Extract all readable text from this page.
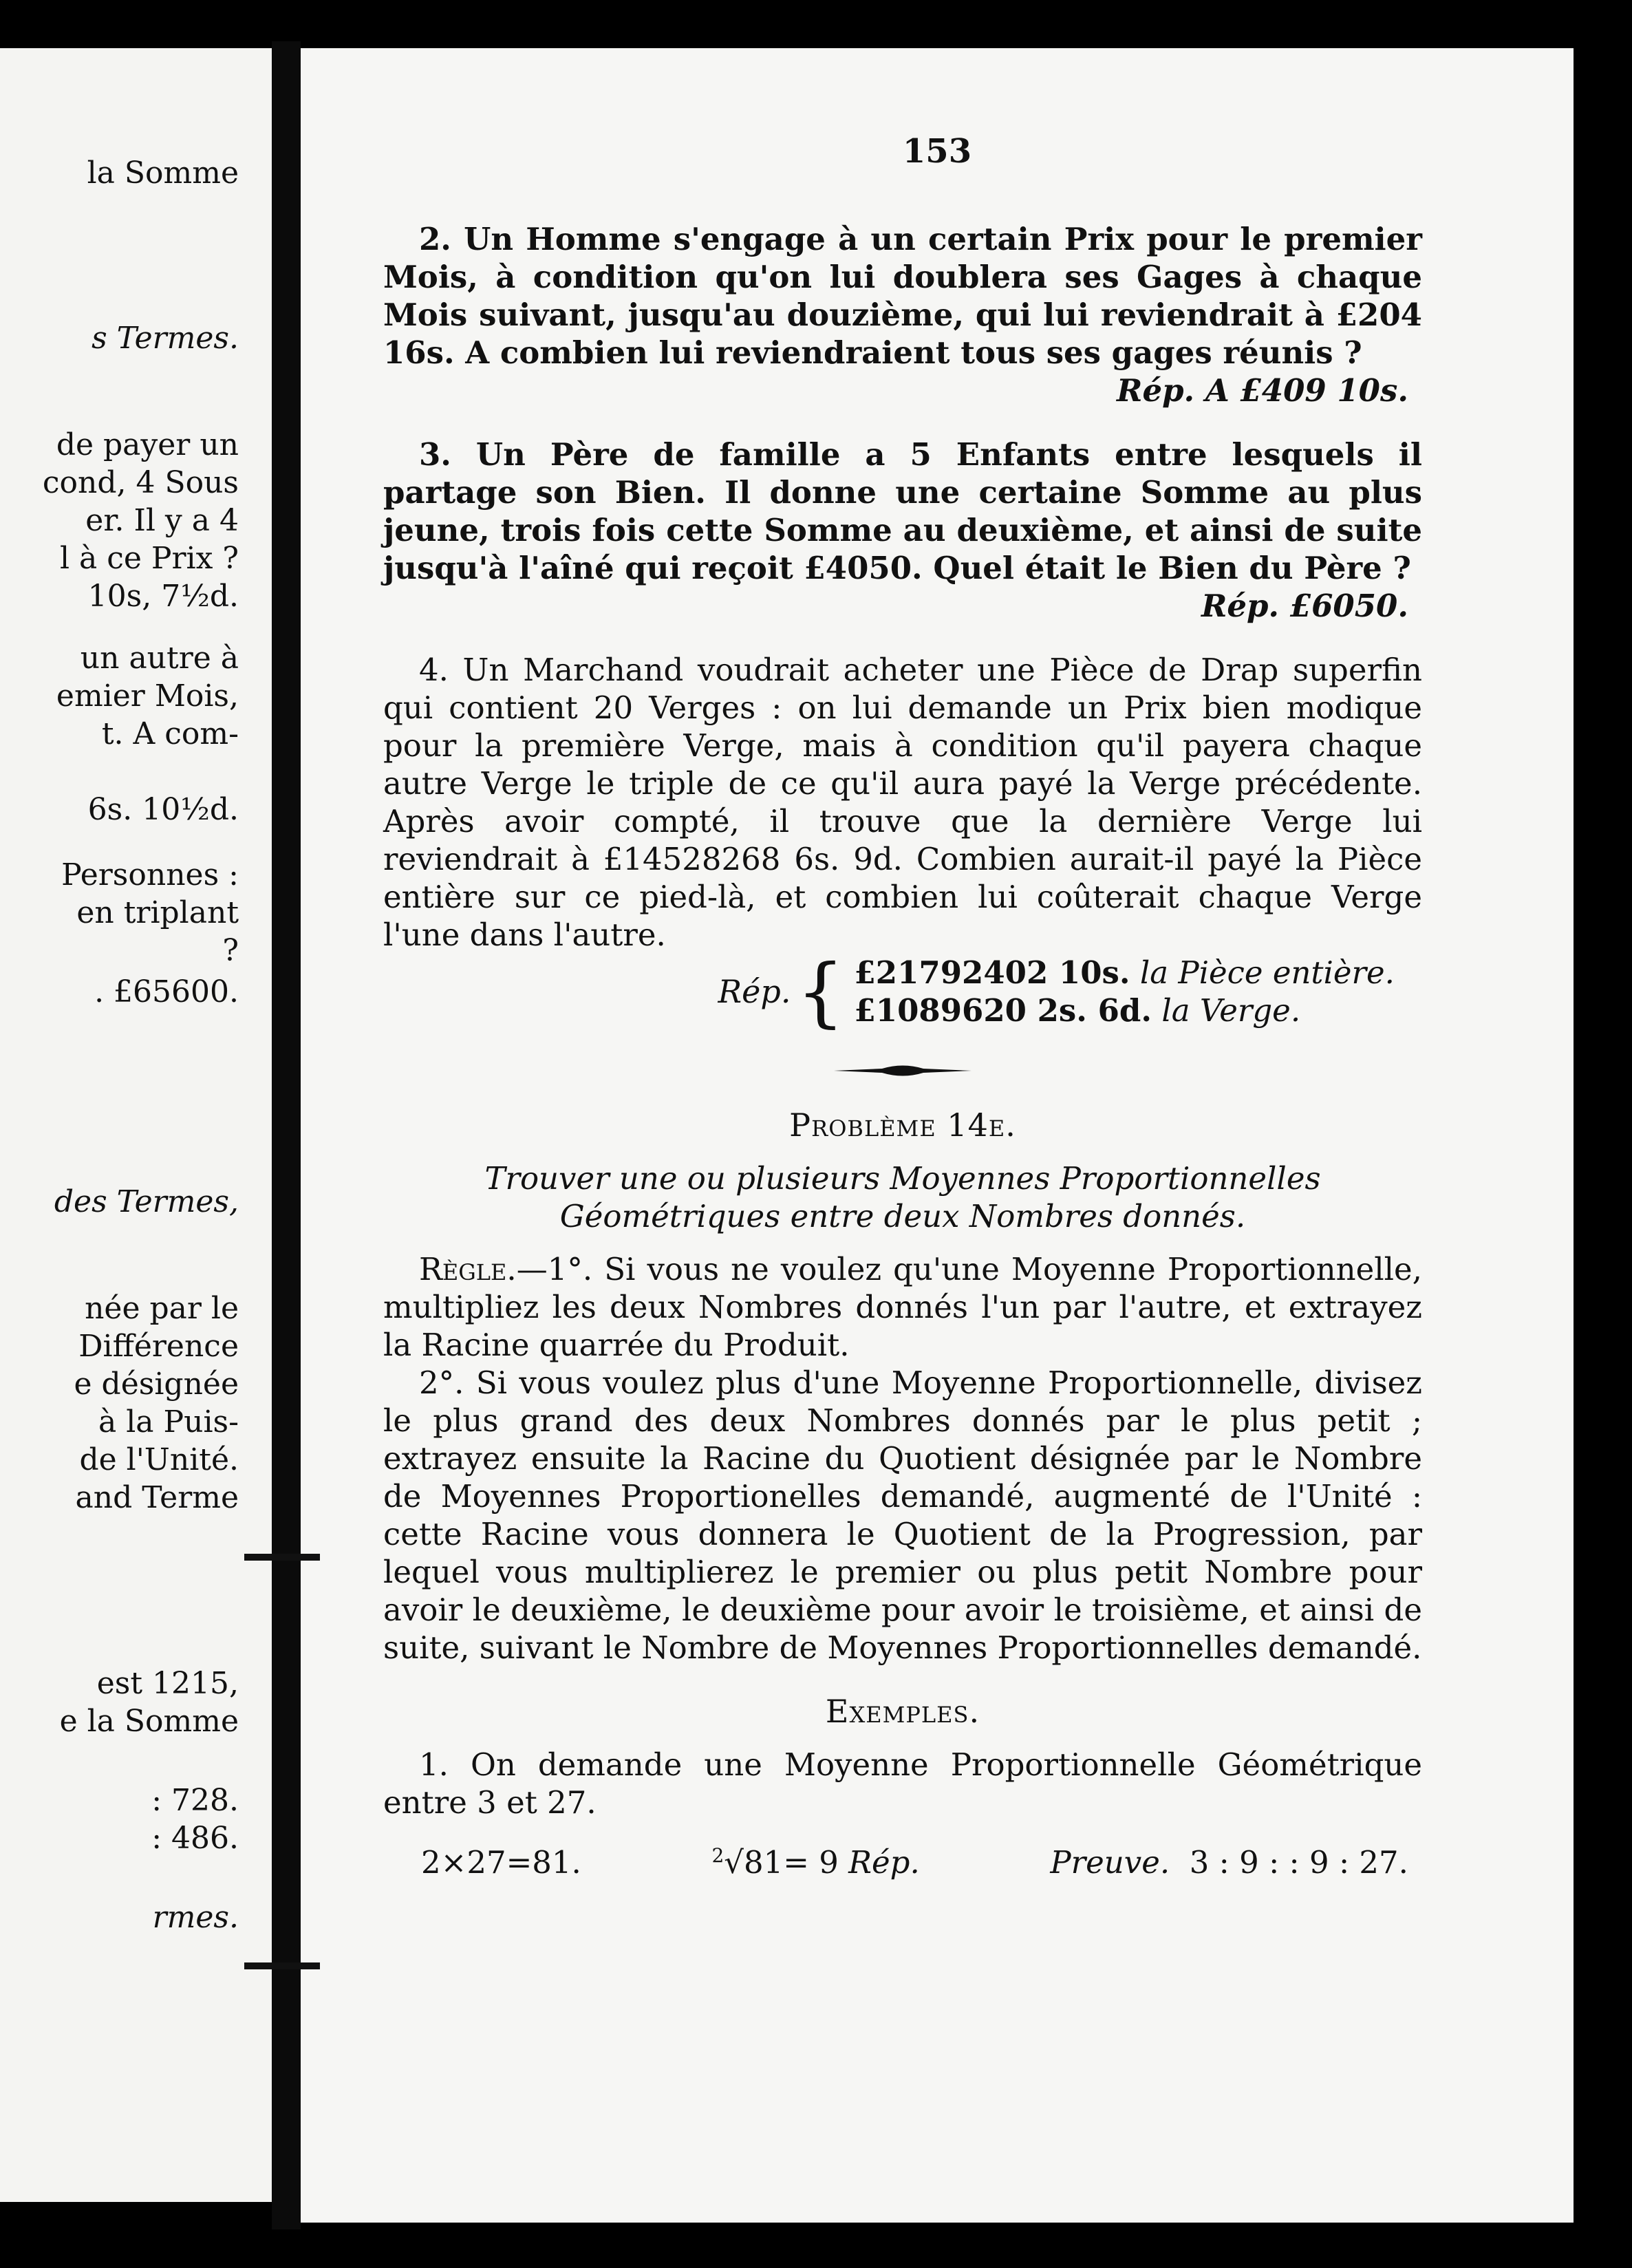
la Somme
s Termes.
de payer un
cond, 4 Sous
er. Il y a 4
l à ce Prix ?
10s, 7½d.
un autre à
emier Mois,
t. A com-
6s. 10½d.
Personnes :
en triplant
?
. £65600.
des Termes,
née par le
Différence
e désignée
à la Puis-
de l'Unité.
and Terme
est 1215,
e la Somme
: 728.
: 486.
rmes.
153

2. Un Homme s'engage à un certain Prix pour le premier Mois, à condition qu'on lui doublera ses Gages à chaque Mois suivant, jusqu'au douzième, qui lui reviendrait à £204 16s. A combien lui reviendraient tous ses gages réunis ?

Rép. A £409 10s.

3. Un Père de famille a 5 Enfants entre lesquels il partage son Bien. Il donne une certaine Somme au plus jeune, trois fois cette Somme au deuxième, et ainsi de suite jusqu'à l'aîné qui reçoit £4050. Quel était le Bien du Père ?

Rép. £6050.

4. Un Marchand voudrait acheter une Pièce de Drap superfin qui contient 20 Verges : on lui demande un Prix bien modique pour la première Verge, mais à condition qu'il payera chaque autre Verge le triple de ce qu'il aura payé la Verge précédente. Après avoir compté, il trouve que la dernière Verge lui reviendrait à £14528268 6s. 9d. Combien aurait-il payé la Pièce entière sur ce pied-là, et combien lui coûterait chaque Verge l'une dans l'autre.

Rép. { £21792402 10s. la Pièce entière.
£1089620 2s. 6d. la Verge.

Problème 14e.

Trouver une ou plusieurs Moyennes Proportionnelles Géométriques entre deux Nombres donnés.

Règle.—1°. Si vous ne voulez qu'une Moyenne Proportionnelle, multipliez les deux Nombres donnés l'un par l'autre, et extrayez la Racine quarrée du Produit.

2°. Si vous voulez plus d'une Moyenne Proportionnelle, divisez le plus grand des deux Nombres donnés par le plus petit ; extrayez ensuite la Racine du Quotient désignée par le Nombre de Moyennes Proportionelles demandé, augmenté de l'Unité : cette Racine vous donnera le Quotient de la Progression, par lequel vous multiplierez le premier ou plus petit Nombre pour avoir le deuxième, le deuxième pour avoir le troisième, et ainsi de suite, suivant le Nombre de Moyennes Proportionnelles demandé.

Exemples.

1. On demande une Moyenne Proportionnelle Géométrique entre 3 et 27.

2×27=81.	$^2$√81= 9 Rép.	Preuve. 3 : 9 : : 9 : 27.
